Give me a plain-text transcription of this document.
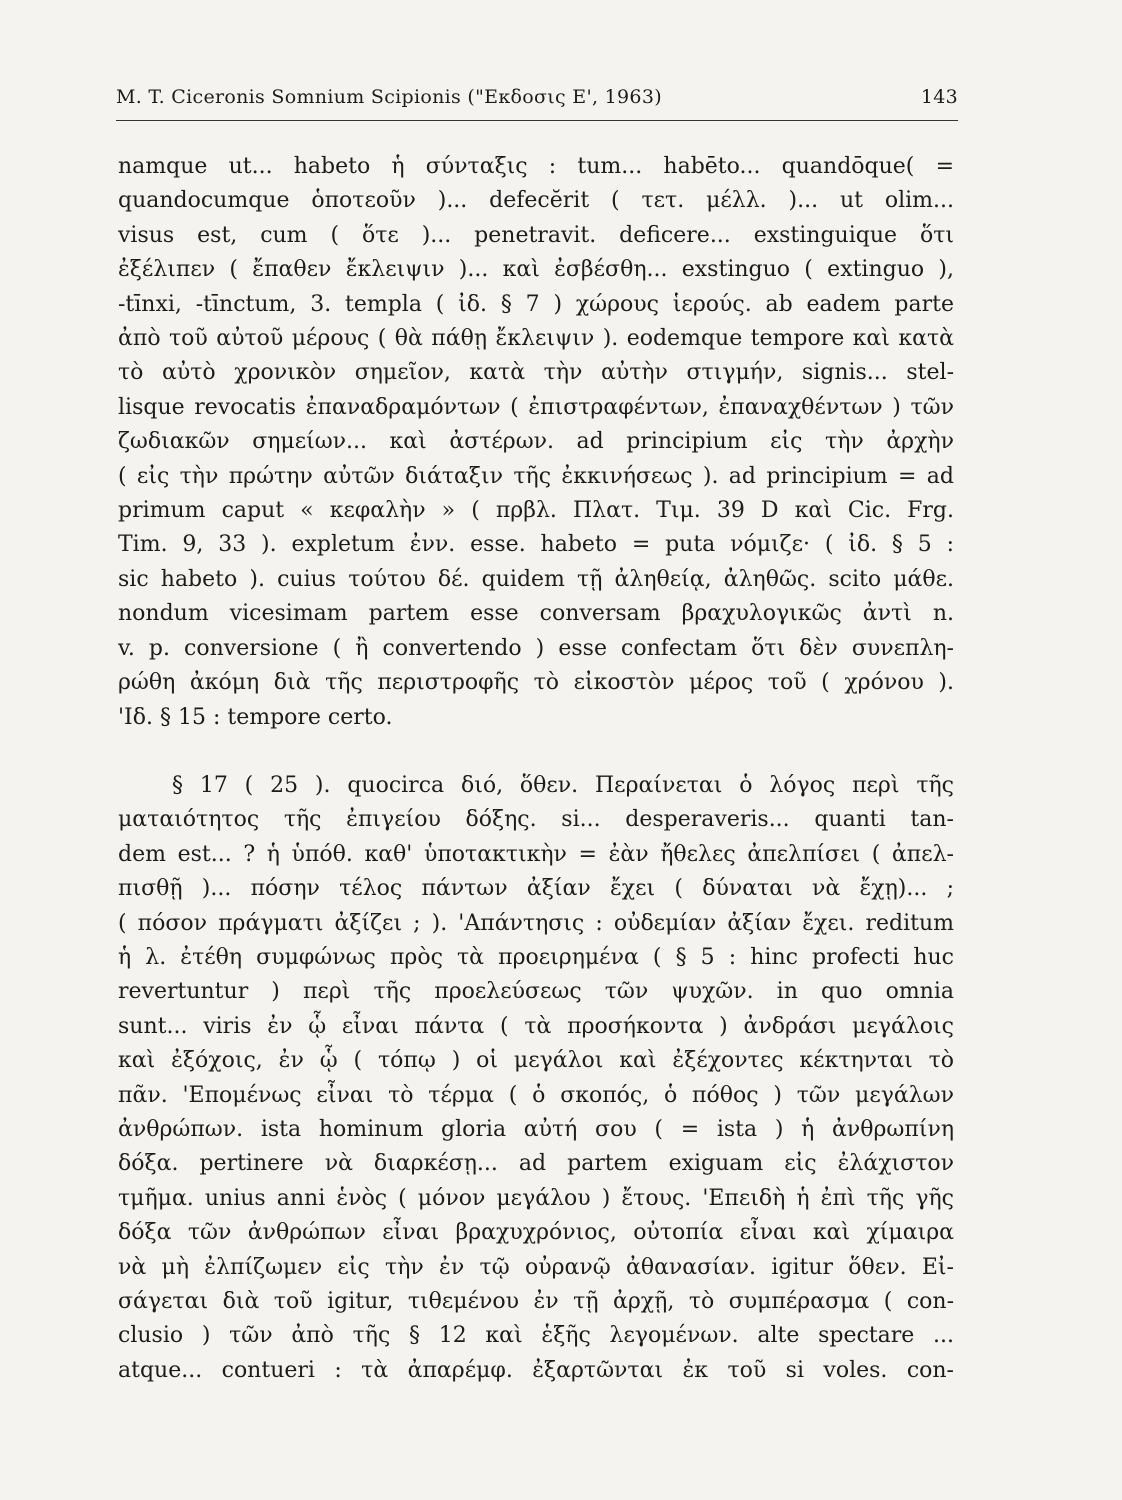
M. T. Ciceronis Somnium Scipionis ("Εκδοσις Ε', 1963)	143
namque ut... habeto ἡ σύνταξις : tum... habēto... quandōque( =
quandocumque ὁποτεοῦν )... defecĕrit ( τετ. μέλλ. )... ut olim...
visus est, cum ( ὅτε )... penetravit. deficere... exstinguique ὅτι
ἐξέλιπεν ( ἔπαθεν ἔκλειψιν )... καὶ ἐσβέσθη... exstinguo ( extinguo ),
-tīnxi, -tīnctum, 3. templa ( ἰδ. § 7 ) χώρους ἱερούς. ab eadem parte
ἀπὸ τοῦ αὐτοῦ μέρους ( θὰ πάθῃ ἔκλειψιν ). eodemque tempore καὶ κατὰ
τὸ αὐτὸ χρονικὸν σημεῖον, κατὰ τὴν αὐτὴν στιγμήν, signis... stel-
lisque revocatis ἐπαναδραμόντων ( ἐπιστραφέντων, ἐπαναχθέντων ) τῶν
ζωδιακῶν σημείων... καὶ ἀστέρων. ad principium εἰς τὴν ἀρχὴν
( εἰς τὴν πρώτην αὐτῶν διάταξιν τῆς ἐκκινήσεως ). ad principium = ad
primum caput « κεφαλὴν » ( πρβλ. Πλατ. Τιμ. 39 D καὶ Cic. Frg.
Tim. 9, 33 ). expletum ἐνν. esse. habeto = puta νόμιζε· ( ἰδ. § 5 :
sic habeto ). cuius τούτου δέ. quidem τῇ ἀληθείᾳ, ἀληθῶς. scito μάθε.
nondum vicesimam partem esse conversam βραχυλογικῶς ἀντὶ n.
v. p. conversione ( ἢ convertendo ) esse confectam ὅτι δὲν συνεπλη-
ρώθη ἀκόμη διὰ τῆς περιστροφῆς τὸ εἰκοστὸν μέρος τοῦ ( χρόνου ).
'Ιδ. § 15 : tempore certo.
§ 17 ( 25 ). quocirca διό, ὅθεν. Περαίνεται ὁ λόγος περὶ τῆς
ματαιότητος τῆς ἐπιγείου δόξης. si... desperaveris... quanti tan-
dem est... ? ἡ ὑπόθ. καθ' ὑποτακτικὴν = ἐὰν ἤθελες ἀπελπίσει ( ἀπελ-
πισθῇ )... πόσην τέλος πάντων ἀξίαν ἔχει ( δύναται νὰ ἔχῃ)... ;
( πόσον πράγματι ἀξίζει ; ). 'Απάντησις : οὐδεμίαν ἀξίαν ἔχει. reditum
ἡ λ. ἐτέθη συμφώνως πρὸς τὰ προειρημένα ( § 5 : hinc profecti huc
revertuntur ) περὶ τῆς προελεύσεως τῶν ψυχῶν. in quo omnia
sunt... viris ἐν ᾧ εἶναι πάντα ( τὰ προσήκοντα ) ἀνδράσι μεγάλοις
καὶ ἐξόχοις, ἐν ᾧ ( τόπῳ ) οἱ μεγάλοι καὶ ἐξέχοντες κέκτηνται τὸ
πᾶν. 'Επομένως εἶναι τὸ τέρμα ( ὁ σκοπός, ὁ πόθος ) τῶν μεγάλων
ἀνθρώπων. ista hominum gloria αὐτή σου ( = ista ) ἡ ἀνθρωπίνη
δόξα. pertinere νὰ διαρκέσῃ... ad partem exiguam εἰς ἐλάχιστον
τμῆμα. unius anni ἑνὸς ( μόνον μεγάλου ) ἔτους. 'Επειδὴ ἡ ἐπὶ τῆς γῆς
δόξα τῶν ἀνθρώπων εἶναι βραχυχρόνιος, οὐτοπία εἶναι καὶ χίμαιρα
νὰ μὴ ἐλπίζωμεν εἰς τὴν ἐν τῷ οὐρανῷ ἀθανασίαν. igitur ὅθεν. Εἰ-
σάγεται διὰ τοῦ igitur, τιθεμένου ἐν τῇ ἀρχῇ, τὸ συμπέρασμα ( con-
clusio ) τῶν ἀπὸ τῆς § 12 καὶ ἑξῆς λεγομένων. alte spectare ...
atque... contueri : τὰ ἀπαρέμφ. ἐξαρτῶνται ἐκ τοῦ si voles. con-
